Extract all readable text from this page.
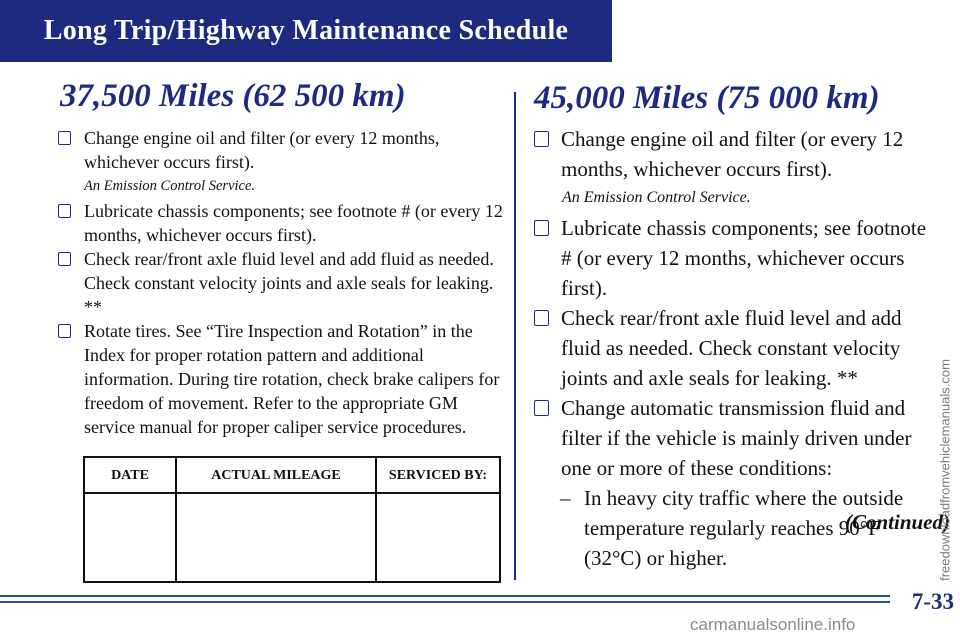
Long Trip/Highway Maintenance Schedule
37,500 Miles (62 500 km)
Change engine oil and filter (or every 12 months, whichever occurs first).
An Emission Control Service.
Lubricate chassis components; see footnote # (or every 12 months, whichever occurs first).
Check rear/front axle fluid level and add fluid as needed. Check constant velocity joints and axle seals for leaking. **
Rotate tires. See “Tire Inspection and Rotation” in the Index for proper rotation pattern and additional information. During tire rotation, check brake calipers for freedom of movement. Refer to the appropriate GM service manual for proper caliper service procedures.
DATE	ACTUAL MILEAGE	SERVICED BY:
45,000 Miles (75 000 km)
Change engine oil and filter (or every 12 months, whichever occurs first).
An Emission Control Service.
Lubricate chassis components; see footnote # (or every 12 months, whichever occurs first).
Check rear/front axle fluid level and add fluid as needed. Check constant velocity joints and axle seals for leaking. **
Change automatic transmission fluid and filter if the vehicle is mainly driven under one or more of these conditions:
– In heavy city traffic where the outside temperature regularly reaches 90°F (32°C) or higher.
(Continued)
7-33
freedownloadfromvehiclemanuals.com
carmanualsonline.info
